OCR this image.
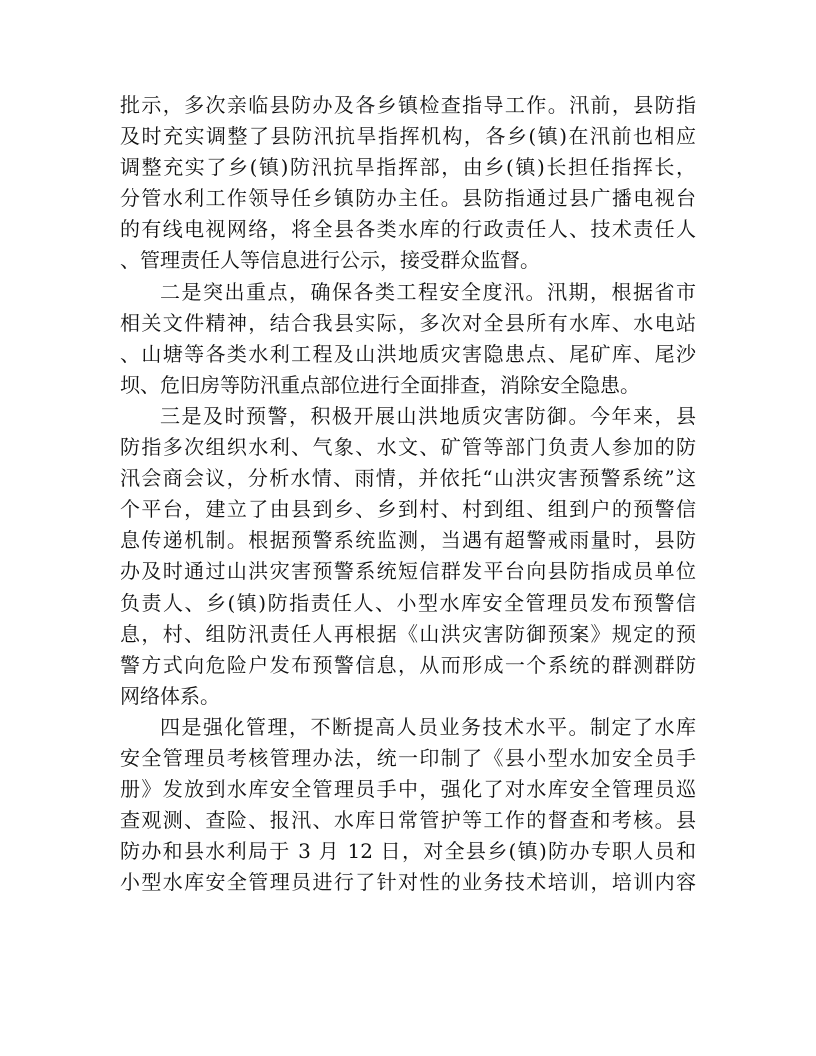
批示，多次亲临县防办及各乡镇检查指导工作。汛前，县防指
及时充实调整了县防汛抗旱指挥机构，各乡(镇)在汛前也相应
调整充实了乡(镇)防汛抗旱指挥部，由乡(镇)长担任指挥长，
分管水利工作领导任乡镇防办主任。县防指通过县广播电视台
的有线电视网络，将全县各类水库的行政责任人、技术责任人
、管理责任人等信息进行公示，接受群众监督。
二是突出重点，确保各类工程安全度汛。汛期，根据省市
相关文件精神，结合我县实际，多次对全县所有水库、水电站
、山塘等各类水利工程及山洪地质灾害隐患点、尾矿库、尾沙
坝、危旧房等防汛重点部位进行全面排查，消除安全隐患。
三是及时预警，积极开展山洪地质灾害防御。今年来，县
防指多次组织水利、气象、水文、矿管等部门负责人参加的防
汛会商会议，分析水情、雨情，并依托“山洪灾害预警系统”这
个平台，建立了由县到乡、乡到村、村到组、组到户的预警信
息传递机制。根据预警系统监测，当遇有超警戒雨量时，县防
办及时通过山洪灾害预警系统短信群发平台向县防指成员单位
负责人、乡(镇)防指责任人、小型水库安全管理员发布预警信
息，村、组防汛责任人再根据《山洪灾害防御预案》规定的预
警方式向危险户发布预警信息，从而形成一个系统的群测群防
网络体系。
四是强化管理，不断提高人员业务技术水平。制定了水库
安全管理员考核管理办法，统一印制了《县小型水加安全员手
册》发放到水库安全管理员手中，强化了对水库安全管理员巡
查观测、查险、报汛、水库日常管护等工作的督查和考核。县
防办和县水利局于 3 月 12 日，对全县乡(镇)防办专职人员和
小型水库安全管理员进行了针对性的业务技术培训，培训内容
